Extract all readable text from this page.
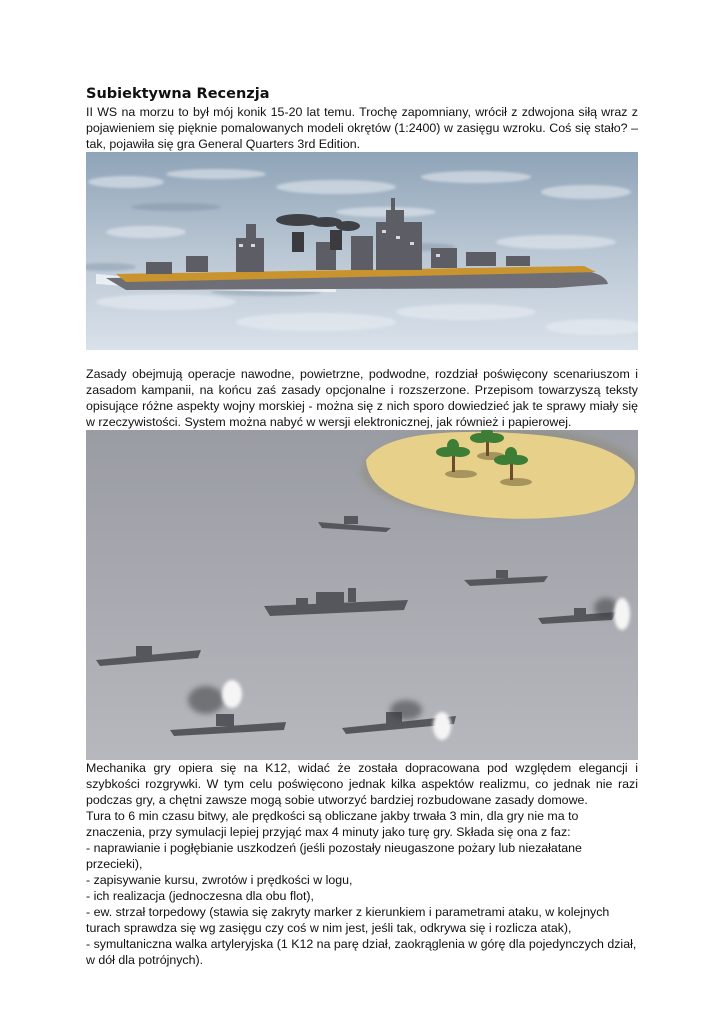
Subiektywna Recenzja

II WS na morzu to był mój konik 15-20 lat temu. Trochę zapomniany, wrócił z zdwojona siłą wraz z pojawieniem się pięknie pomalowanych modeli okrętów (1:2400) w zasięgu wzroku. Coś się stało? – tak, pojawiła się gra General Quarters 3rd Edition.

Zasady obejmują operacje nawodne, powietrzne, podwodne, rozdział poświęcony scenariuszom i zasadom kampanii, na końcu zaś zasady opcjonalne i rozszerzone. Przepisom towarzyszą teksty opisujące różne aspekty wojny morskiej - można się z nich sporo dowiedzieć jak te sprawy miały się w rzeczywistości. System można nabyć w wersji elektronicznej, jak również i papierowej.

Mechanika gry opiera się na K12, widać że została dopracowana pod względem elegancji i szybkości rozgrywki. W tym celu poświęcono jednak kilka aspektów realizmu, co jednak nie razi podczas gry, a chętni zawsze mogą sobie utworzyć bardziej rozbudowane zasady domowe.

Tura to 6 min czasu bitwy, ale prędkości są obliczane jakby trwała 3 min, dla gry nie ma to znaczenia, przy symulacji lepiej przyjąć max 4 minuty jako turę gry. Składa się ona z faz:

- naprawianie i pogłębianie uszkodzeń (jeśli pozostały nieugaszone pożary lub niezałatane przecieki),
- zapisywanie kursu, zwrotów i prędkości w logu,
- ich realizacja (jednoczesna dla obu flot),
- ew. strzał torpedowy (stawia się zakryty marker z kierunkiem i parametrami ataku, w kolejnych turach sprawdza się wg zasięgu czy coś w nim jest, jeśli tak, odkrywa się i rozlicza atak),
- symultaniczna walka artyleryjska (1 K12 na parę dział, zaokrąglenia w górę dla pojedynczych dział, w dół dla potrójnych).
